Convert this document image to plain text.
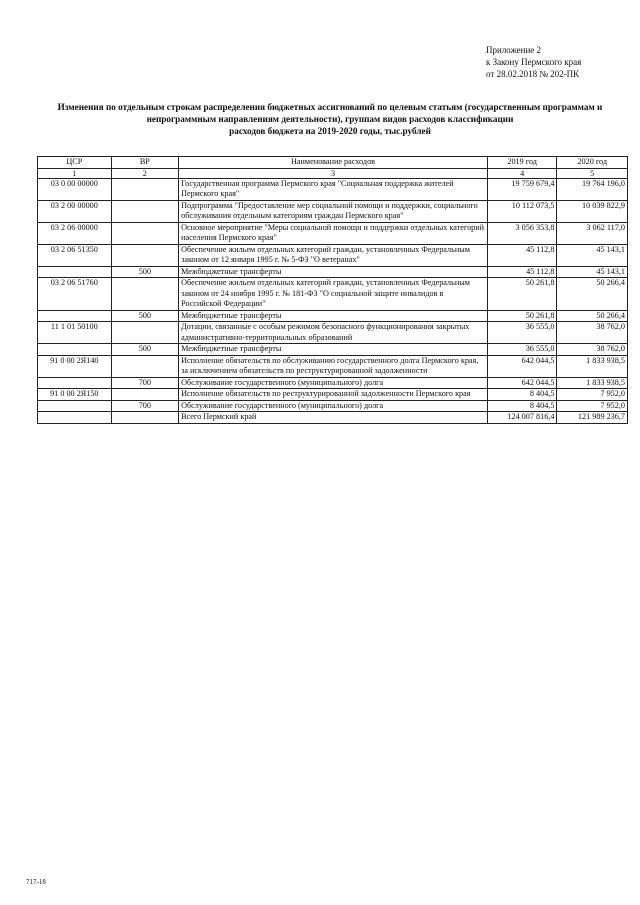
Приложение 2
к Закону Пермского края
от 28.02.2018 № 202-ПК
Изменения по отдельным строкам распределения бюджетных ассигнований по целевым статьям (государственным программам и
непрограммным направлениям деятельности), группам видов расходов классификации
расходов бюджета на 2019-2020 годы, тыс.рублей
ЦСР	ВР	Наименование расходов	2019 год	2020 год
1	2	3	4	5
03 0 00 00000		Государственная программа Пермского края "Социальная поддержка жителей Пермского края"	19 759 679,4	19 764 196,0
03 2 00 00000		Подпрограмма "Предоставление мер социальной помощи и поддержки, социального обслуживания отдельным категориям граждан Пермского края"	10 112 073,5	10 039 822,9
03 2 06 00000		Основное мероприятие "Меры социальной помощи и поддержки отдельных категорий населения Пермского края"	3 056 353,8	3 062 117,0
03 2 06 51350		Обеспечение жильем отдельных категорий граждан, установленных Федеральным законом от 12 января 1995 г. № 5-ФЗ "О ветеранах"	45 112,8	45 143,1
	500	Межбюджетные трансферты	45 112,8	45 143,1
03 2 06 51760		Обеспечение жильем отдельных категорий граждан, установленных Федеральным законом от 24 ноября 1995 г. № 181-ФЗ "О социальной защите инвалидов в Российской Федерации"	50 261,8	50 266,4
	500	Межбюджетные трансферты	50 261,8	50 266,4
11 1 01 50100		Дотации, связанные с особым режимом безопасного функционирования закрытых административно-территориальных образований	36 555,0	38 762,0
	500	Межбюджетные трансферты	36 555,0	38 762,0
91 0 00 2Я140		Исполнение обязательств по обслуживанию государственного долга Пермского края, за исключением обязательств по реструктурированной задолженности	642 044,5	1 833 938,5
	700	Обслуживание государственного (муниципального) долга	642 044,5	1 833 938,5
91 0 00 2Я150		Исполнение обязательств по реструктурированной задолженности Пермского края	8 404,5	7 952,0
	700	Обслуживание государственного (муниципального) долга	8 404,5	7 952,0
		Всего Пермский край	124 007 816,4	121 989 236,7
717-18
